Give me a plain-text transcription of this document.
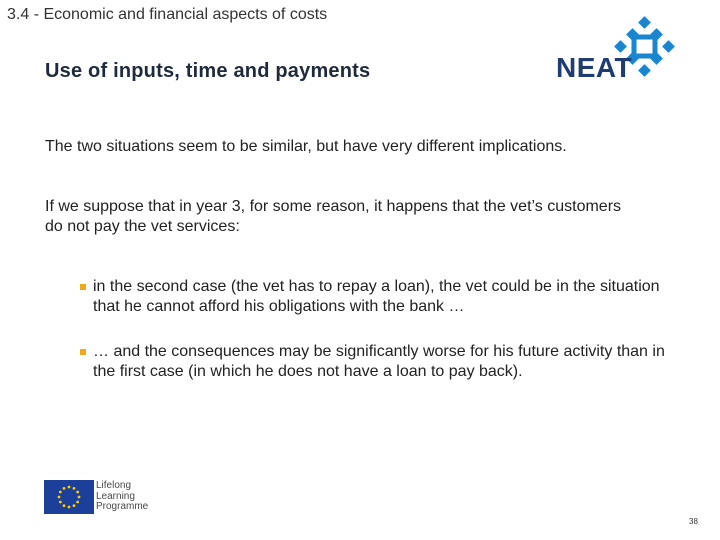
3.4 - Economic and financial aspects of costs
Use of inputs, time and payments	NEAT
The two situations seem to be similar, but have very different implications.
If we suppose that in year 3, for some reason, it happens that the vet’s customers do not pay the vet services:
in the second case (the vet has to repay a loan), the vet could be in the situation that he cannot afford his obligations with the bank …
… and the consequences may be significantly worse for his future activity than in the first case (in which he does not have a loan to pay back).
Lifelong
Learning
Programme
38
